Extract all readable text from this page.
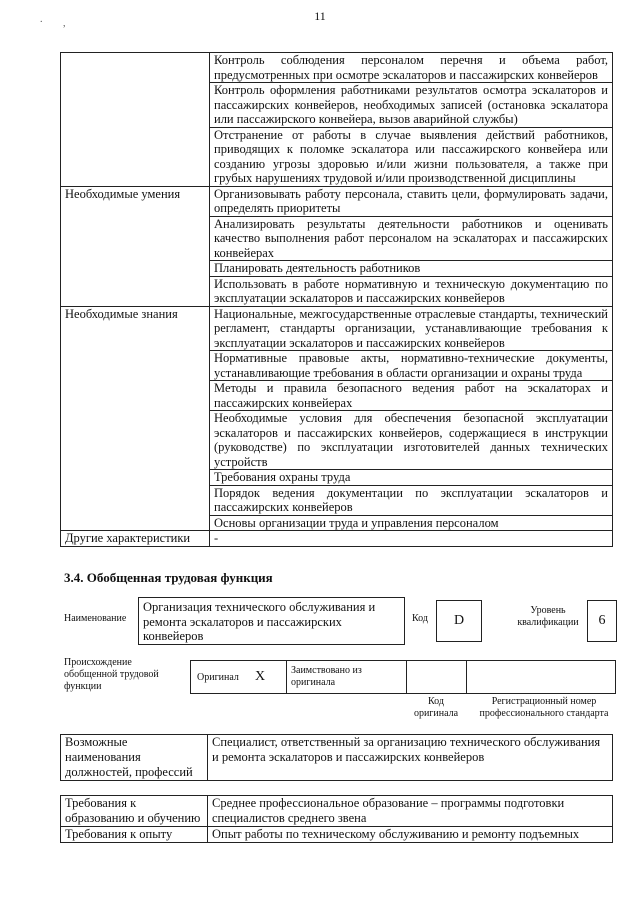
. ,
11
	Контроль соблюдения персоналом перечня и объема работ, предусмотренных при осмотре эскалаторов и пассажирских конвейеров
	Контроль оформления работниками результатов осмотра эскалаторов и пассажирских конвейеров, необходимых записей (остановка эскалатора или пассажирского конвейера, вызов аварийной службы)
	Отстранение от работы в случае выявления действий работников, приводящих к поломке эскалатора или пассажирского конвейера или созданию угрозы здоровью и/или жизни пользователя, а также при грубых нарушениях трудовой и/или производственной дисциплины
Необходимые умения	Организовывать работу персонала, ставить цели, формулировать задачи, определять приоритеты
	Анализировать результаты деятельности работников и оценивать качество выполнения работ персоналом на эскалаторах и пассажирских конвейерах
	Планировать деятельность работников
	Использовать в работе нормативную и техническую документацию по эксплуатации эскалаторов и пассажирских конвейеров
Необходимые знания	Национальные, межгосударственные отраслевые стандарты, технический регламент, стандарты организации, устанавливающие требования к эксплуатации эскалаторов и пассажирских конвейеров
	Нормативные правовые акты, нормативно-технические документы, устанавливающие требования в области организации и охраны труда
	Методы и правила безопасного ведения работ на эскалаторах и пассажирских конвейерах
	Необходимые условия для обеспечения безопасной эксплуатации эскалаторов и пассажирских конвейеров, содержащиеся в инструкции (руководстве) по эксплуатации изготовителей данных технических устройств
	Требования охраны труда
	Порядок ведения документации по эксплуатации эскалаторов и пассажирских конвейеров
	Основы организации труда и управления персоналом
Другие характеристики	-
3.4. Обобщенная трудовая функция
Наименование
Организация технического обслуживания и ремонта эскалаторов и пассажирских конвейеров
Код	D
Уровень квалификации	6
Происхождение обобщенной трудовой функции
Оригинал X	Заимствовано из оригинала
Код оригинала
Регистрационный номер профессионального стандарта
Возможные наименования должностей, профессий	Специалист, ответственный за организацию технического обслуживания и ремонта эскалаторов и пассажирских конвейеров
Требования к образованию и обучению	Среднее профессиональное образование – программы подготовки специалистов среднего звена
Требования к опыту	Опыт работы по техническому обслуживанию и ремонту подъемных
